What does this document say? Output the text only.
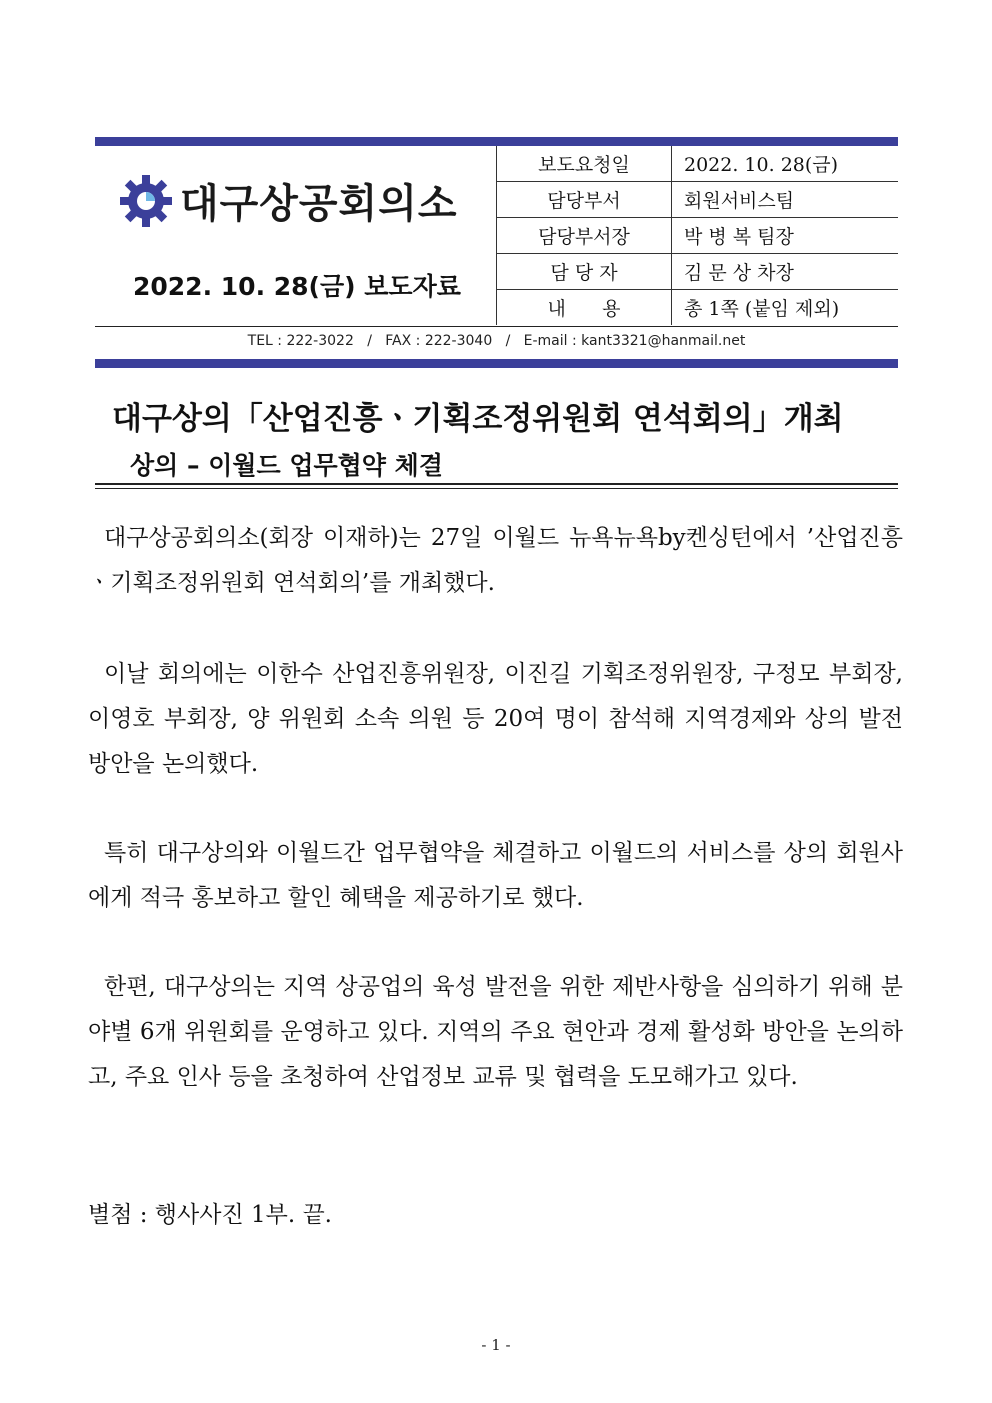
대구상공회의소
2022. 10. 28(금) 보도자료
보도요청일	2022. 10. 28(금)
담당부서	회원서비스팀
담당부서장	박 병 복 팀장
담 당 자	김 문 상 차장
내      용	총 1쪽 (붙임 제외)
TEL : 222-3022   /   FAX : 222-3040   /   E-mail : kant3321@hanmail.net
대구상의「산업진흥ㆍ기획조정위원회 연석회의」개최
상의 – 이월드 업무협약 체결

대구상공회의소(회장 이재하)는 27일 이월드 뉴욕뉴욕by켄싱턴에서 ’산업진흥ㆍ기획조정위원회 연석회의’를 개최했다.

이날 회의에는 이한수 산업진흥위원장, 이진길 기획조정위원장, 구정모 부회장, 이영호 부회장, 양 위원회 소속 의원 등 20여 명이 참석해 지역경제와 상의 발전 방안을 논의했다.

특히 대구상의와 이월드간 업무협약을 체결하고 이월드의 서비스를 상의 회원사에게 적극 홍보하고 할인 혜택을 제공하기로 했다.

한편, 대구상의는 지역 상공업의 육성 발전을 위한 제반사항을 심의하기 위해 분야별 6개 위원회를 운영하고 있다. 지역의 주요 현안과 경제 활성화 방안을 논의하고, 주요 인사 등을 초청하여 산업정보 교류 및 협력을 도모해가고 있다.

별첨 : 행사사진 1부. 끝.

- 1 -
